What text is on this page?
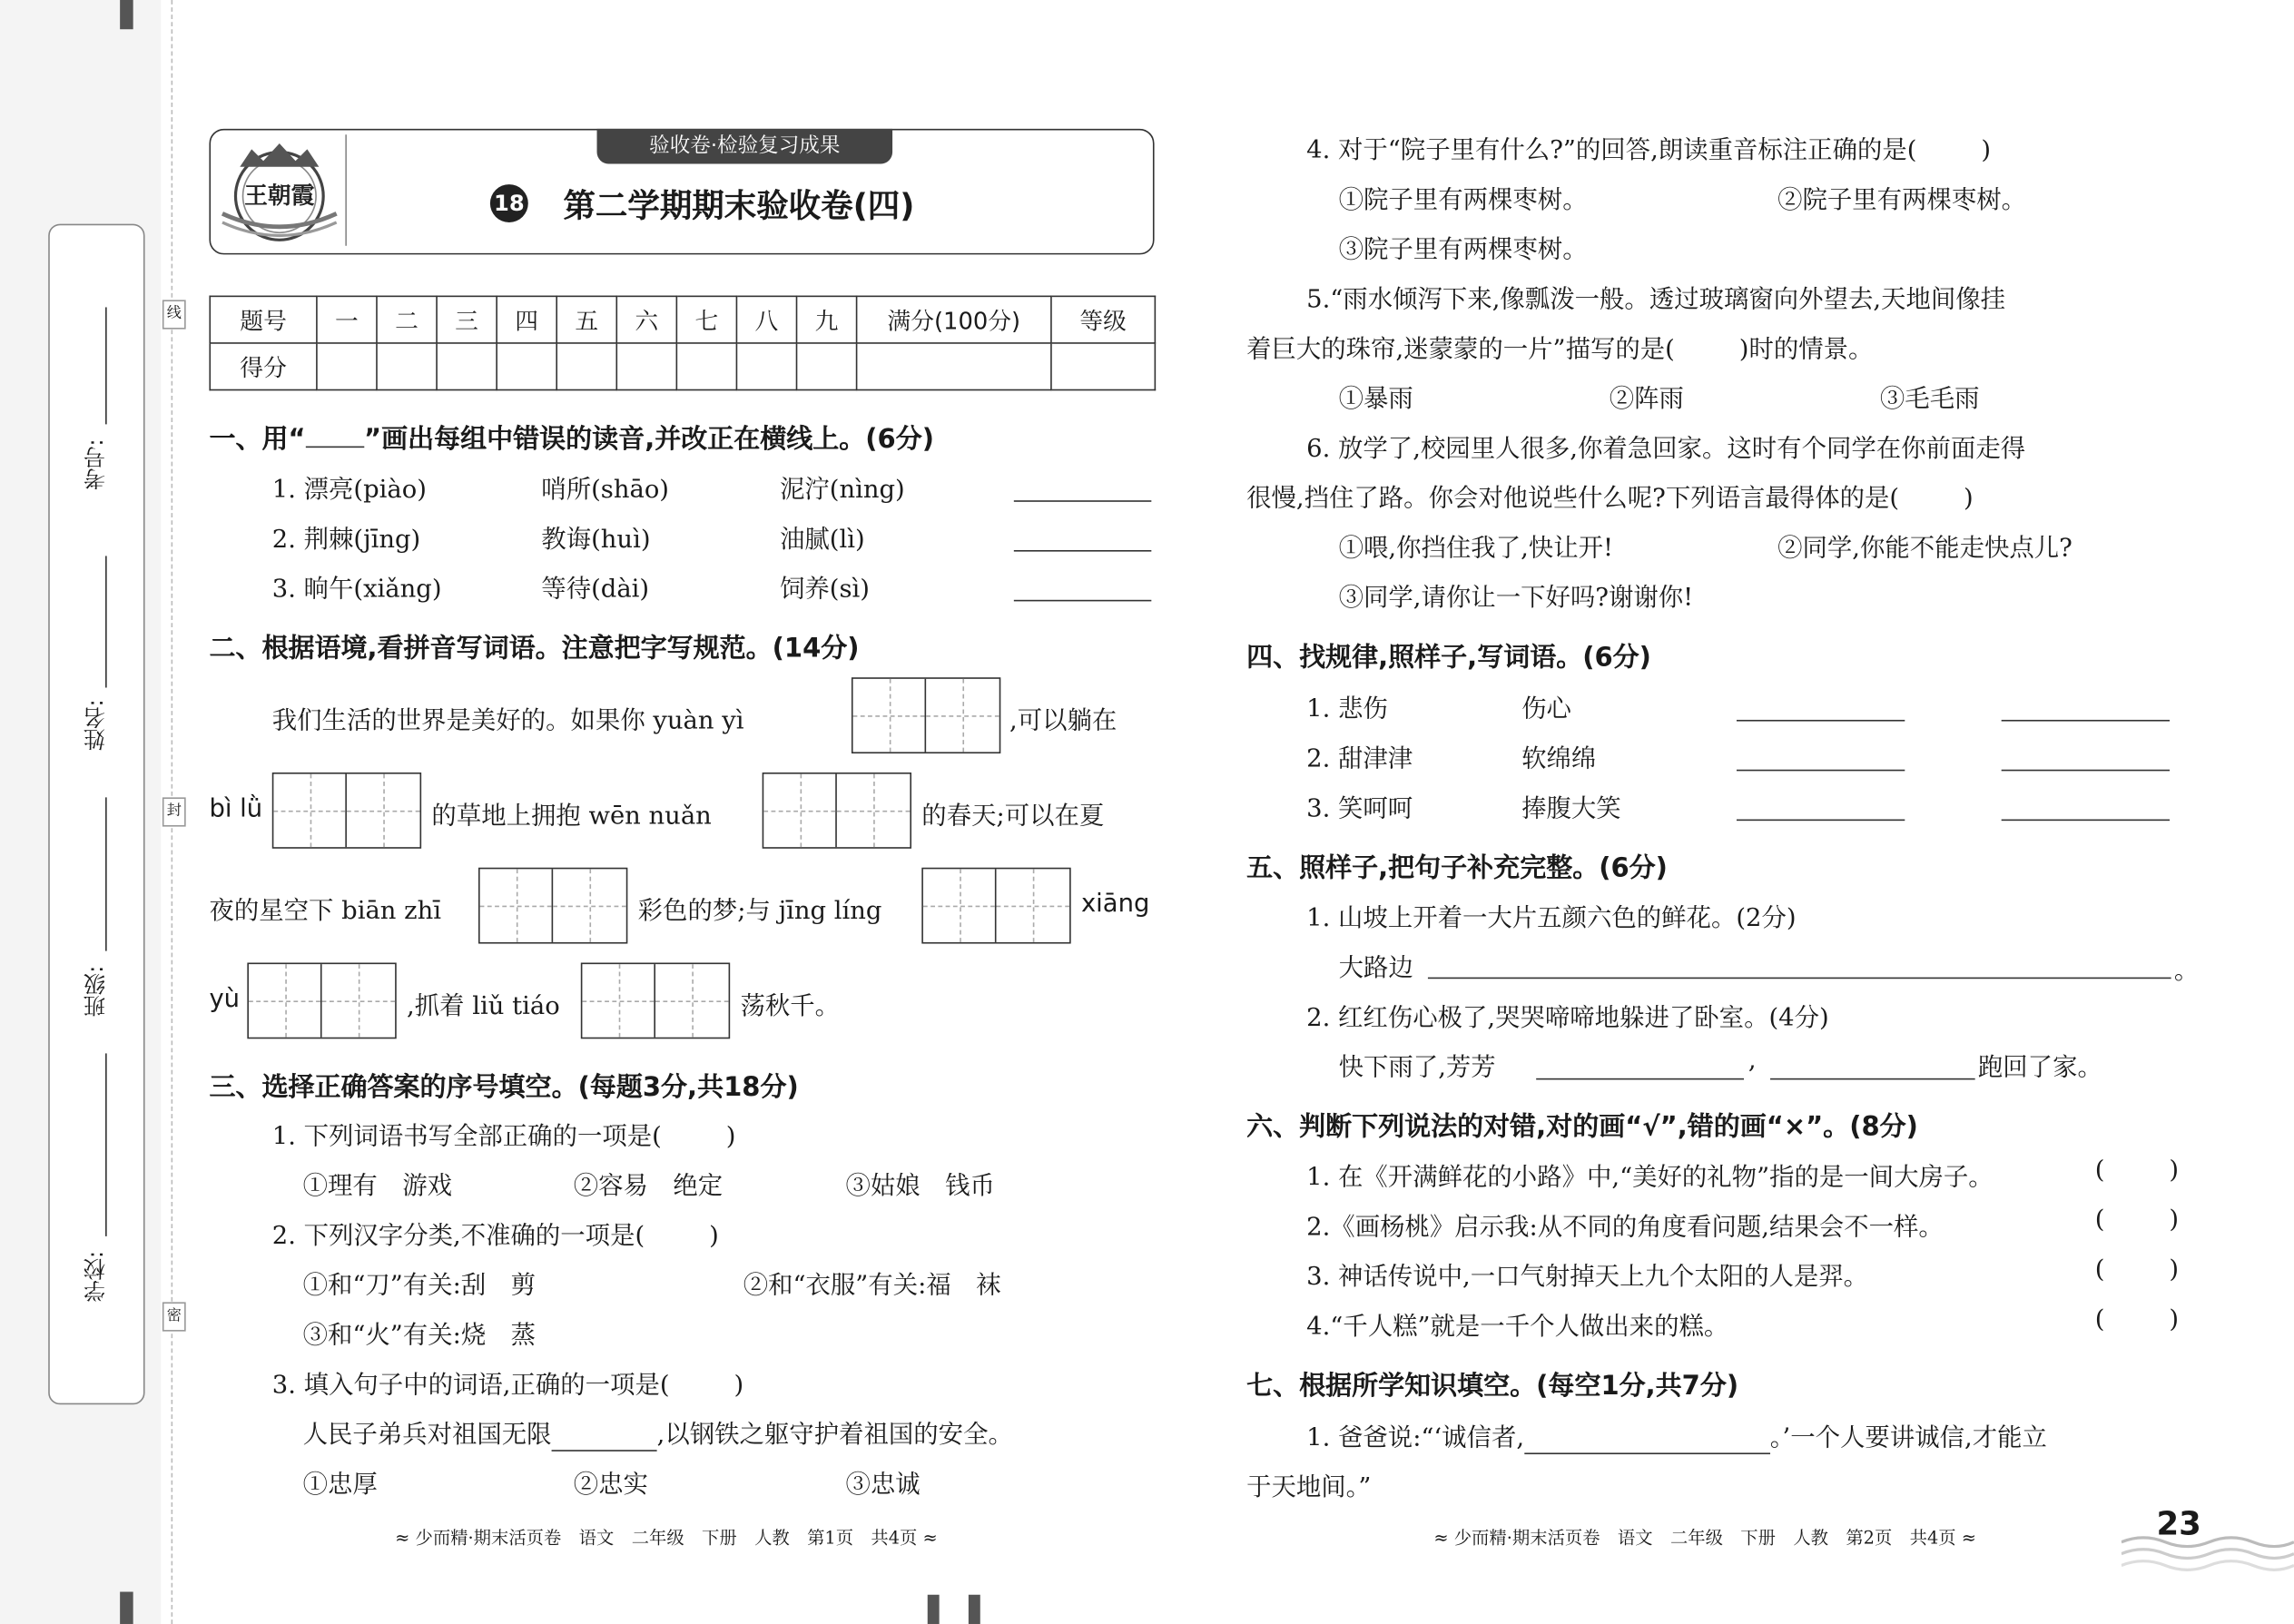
考号:
姓名:
班级:
学校:
线
封
密
验收卷·检验复习成果
王朝霞	18 第二学期期末验收卷(四)
题号	一	二	三	四	五	六	七	八	九	满分(100分)	等级
得分											
一、用“	”画出每组中错误的读音,并改正在横线上。(6分)
1. 漂亮(piào)	哨所(shāo)	泥泞(nìng)
2. 荆棘(jīng)	教诲(huì)	油腻(lì)
3. 晌午(xiǎng)	等待(dài)	饲养(sì)
二、根据语境,看拼音写词语。注意把字写规范。(14分)
我们生活的世界是美好的。如果你 yuàn yì	,可以躺在
bì lǜ	的草地上拥抱 wēn nuǎn	的春天;可以在夏
夜的星空下 biān zhī	彩色的梦;与 jīng líng	xiāng
yù	,抓着 liǔ tiáo	荡秋千。
三、选择正确答案的序号填空。(每题3分,共18分)
1. 下列词语书写全部正确的一项是(	)
①理有　游戏	②容易　绝定	③姑娘　钱币
2. 下列汉字分类,不准确的一项是(	)
①和“刀”有关:刮　剪	②和“衣服”有关:福　袜
③和“火”有关:烧　蒸
3. 填入句子中的词语,正确的一项是(	)
人民子弟兵对祖国无限	,以钢铁之躯守护着祖国的安全。
①忠厚	②忠实	③忠诚
≈ 少而精·期末活页卷　语文　二年级　下册　人教　第1页　共4页 ≈
4. 对于“院子里有什么?”的回答,朗读重音标注正确的是(	)
①院子里有两棵枣树。	②院子里有两棵枣树。
③院子里有两棵枣树。
5.“雨水倾泻下来,像瓢泼一般。透过玻璃窗向外望去,天地间像挂
着巨大的珠帘,迷蒙蒙的一片”描写的是(	)时的情景。
①暴雨	②阵雨	③毛毛雨
6. 放学了,校园里人很多,你着急回家。这时有个同学在你前面走得
很慢,挡住了路。你会对他说些什么呢?下列语言最得体的是(	)
①喂,你挡住我了,快让开!	②同学,你能不能走快点儿?
③同学,请你让一下好吗?谢谢你!
四、找规律,照样子,写词语。(6分)
1. 悲伤	伤心
2. 甜津津	软绵绵
3. 笑呵呵	捧腹大笑
五、照样子,把句子补充完整。(6分)
1. 山坡上开着一大片五颜六色的鲜花。(2分)
大路边	。
2. 红红伤心极了,哭哭啼啼地躲进了卧室。(4分)
快下雨了,芳芳	,	跑回了家。
六、判断下列说法的对错,对的画“√”,错的画“×”。(8分)
1. 在《开满鲜花的小路》中,“美好的礼物”指的是一间大房子。	(	)
2.《画杨桃》启示我:从不同的角度看问题,结果会不一样。	(	)
3. 神话传说中,一口气射掉天上九个太阳的人是羿。	(	)
4.“千人糕”就是一千个人做出来的糕。	(	)
七、根据所学知识填空。(每空1分,共7分)
1. 爸爸说:“‘诚信者,	。’一个人要讲诚信,才能立
于天地间。”
≈ 少而精·期末活页卷　语文　二年级　下册　人教　第2页　共4页 ≈	23
